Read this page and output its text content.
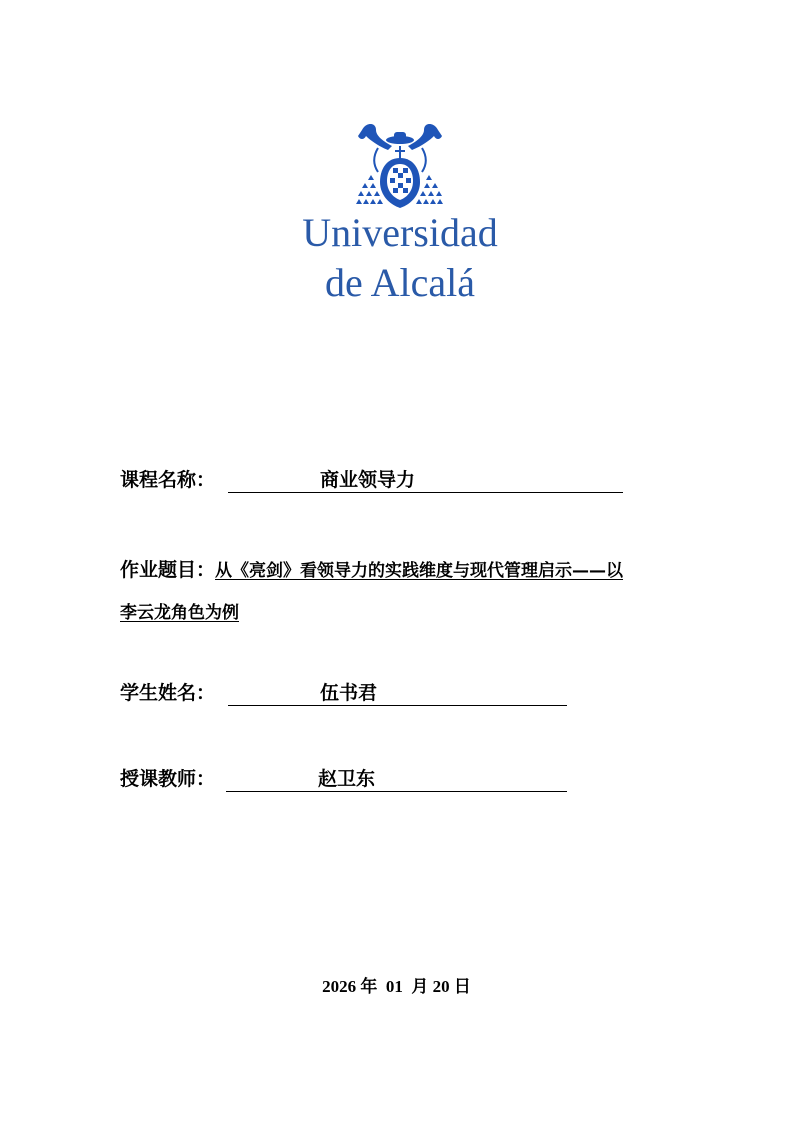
Universidad
de Alcalá
课程名称：	商业领导力
作业题目：从《亮剑》看领导力的实践维度与现代管理启示——以
李云龙角色为例
学生姓名：	伍书君
授课教师：	赵卫东
2026 年 01 月 20 日
